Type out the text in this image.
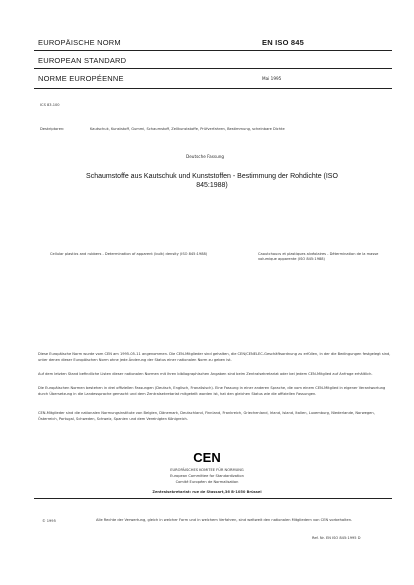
EUROPÄISCHE NORM	EN ISO 845
EUROPEAN STANDARD
NORME EUROPÉENNE	Mai 1995
ICS 83.100
Deskriptoren:	Kautschuk, Kunststoff, Gummi, Schaumstoff, Zellkunststoffe, Prüfverfahren, Bestimmung, scheinbare Dichte
Deutsche Fassung
Schaumstoffe aus Kautschuk und Kunststoffen - Bestimmung der Rohdichte (ISO 845:1988)
Cellular plastics and rubbers - Determination of apparent (bulk) density (ISO 845:1988)	Caoutchoucs et plastiques alvéolaires - Détermination de la masse volumique apparente (ISO 845:1988)
Diese Europäische Norm wurde vom CEN am 1995-05-11 angenommen. Die CEN-Mitglieder sind gehalten, die CEN/CENELEC-Geschäftsordnung zu erfüllen, in der die Bedingungen festgelegt sind, unter denen dieser Europäischen Norm ohne jede Änderung der Status einer nationalen Norm zu geben ist.
Auf dem letzten Stand befindliche Listen dieser nationalen Normen mit ihren bibliographischen Angaben sind beim Zentralsekretariat oder bei jedem CEN-Mitglied auf Anfrage erhältlich.
Die Europäischen Normen bestehen in drei offiziellen Fassungen (Deutsch, Englisch, Französisch). Eine Fassung in einer anderen Sprache, die vom einem CEN-Mitglied in eigener Verantwortung durch Übersetzung in die Landessprache gemacht und dem Zentralsekretariat mitgeteilt worden ist, hat den gleichen Status wie die offiziellen Fassungen.
CEN-Mitglieder sind die nationalen Normungsinstitute von Belgien, Dänemark, Deutschland, Finnland, Frankreich, Griechenland, Irland, Island, Italien, Luxemburg, Niederlande, Norwegen, Österreich, Portugal, Schweden, Schweiz, Spanien und dem Vereinigten Königreich.
CEN
EUROPÄISCHES KOMITEE FÜR NORMUNG
European Committee for Standardization
Comité Européen de Normalisation
Zentralsekretariat: rue de Stassart,36 B-1050 Brüssel
© 1995	Alle Rechte der Verwertung, gleich in welcher Form und in welchem Verfahren, sind weltweit den nationalen Mitgliedern von CEN vorbehalten.
Ref. Nr. EN ISO 845:1995 D
